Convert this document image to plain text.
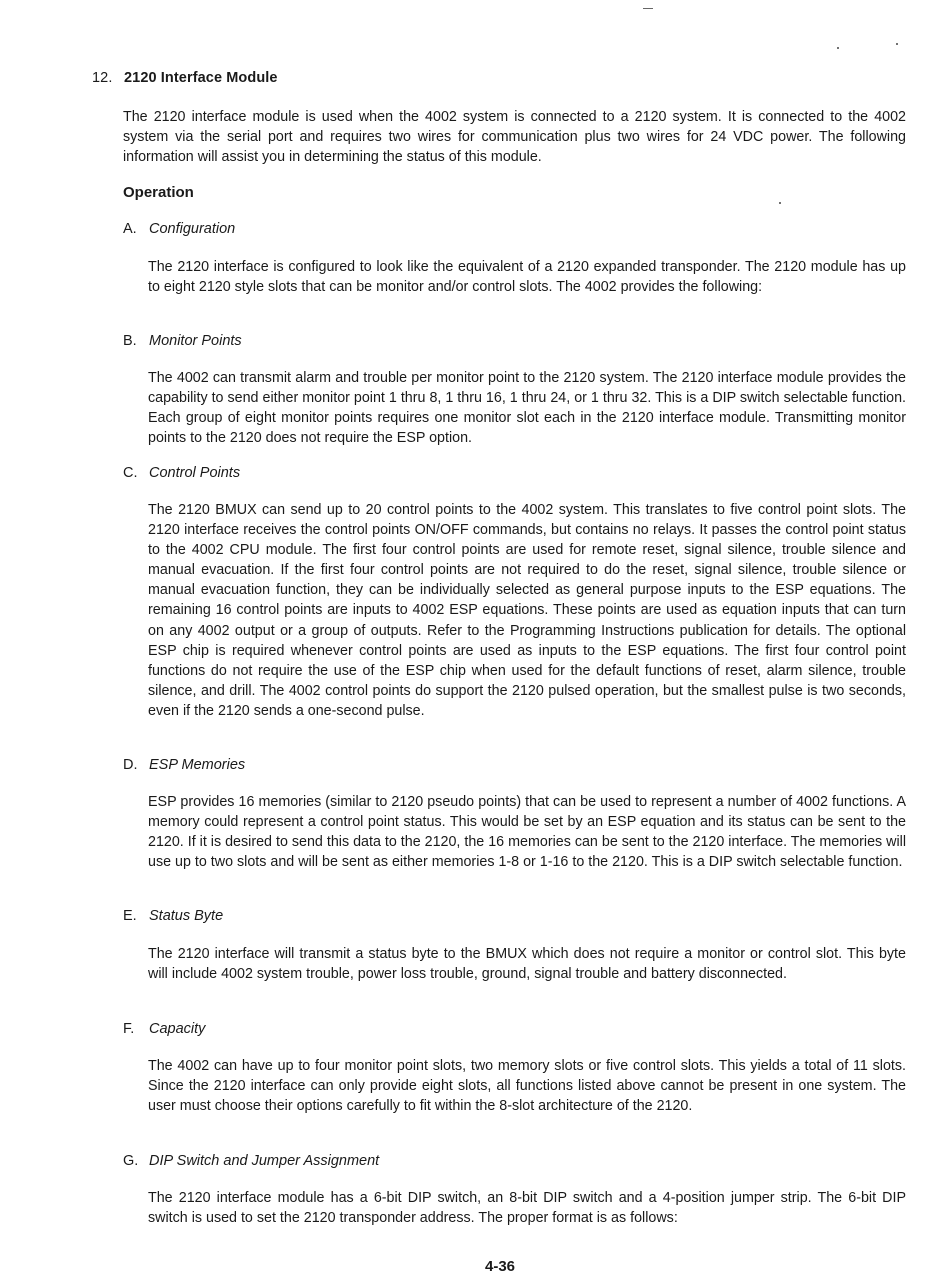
12. 2120 Interface Module

The 2120 interface module is used when the 4002 system is connected to a 2120 system. It is connected to the 4002 system via the serial port and requires two wires for communication plus two wires for 24 VDC power. The following information will assist you in determining the status of this module.

Operation
A. Configuration

The 2120 interface is configured to look like the equivalent of a 2120 expanded transponder. The 2120 module has up to eight 2120 style slots that can be monitor and/or control slots. The 4002 provides the following:

B. Monitor Points

The 4002 can transmit alarm and trouble per monitor point to the 2120 system. The 2120 interface module provides the capability to send either monitor point 1 thru 8, 1 thru 16, 1 thru 24, or 1 thru 32. This is a DIP switch selectable function. Each group of eight monitor points requires one monitor slot each in the 2120 interface module. Transmitting monitor points to the 2120 does not require the ESP option.

C. Control Points

The 2120 BMUX can send up to 20 control points to the 4002 system. This translates to five control point slots. The 2120 interface receives the control points ON/OFF commands, but contains no relays. It passes the control point status to the 4002 CPU module. The first four control points are used for remote reset, signal silence, trouble silence and manual evacuation. If the first four control points are not required to do the reset, signal silence, trouble silence or manual evacuation function, they can be individually selected as general purpose inputs to the ESP equations. The remaining 16 control points are inputs to 4002 ESP equations. These points are used as equation inputs that can turn on any 4002 output or a group of outputs. Refer to the Programming Instructions publication for details. The optional ESP chip is required whenever control points are used as inputs to the ESP equations. The first four control point functions do not require the use of the ESP chip when used for the default functions of reset, alarm silence, trouble silence, and drill. The 4002 control points do support the 2120 pulsed operation, but the smallest pulse is two seconds, even if the 2120 sends a one-second pulse.

D. ESP Memories

ESP provides 16 memories (similar to 2120 pseudo points) that can be used to represent a number of 4002 functions. A memory could represent a control point status. This would be set by an ESP equation and its status can be sent to the 2120. If it is desired to send this data to the 2120, the 16 memories can be sent to the 2120 interface. The memories will use up to two slots and will be sent as either memories 1-8 or 1-16 to the 2120. This is a DIP switch selectable function.

E. Status Byte

The 2120 interface will transmit a status byte to the BMUX which does not require a monitor or control slot. This byte will include 4002 system trouble, power loss trouble, ground, signal trouble and battery disconnected.

F. Capacity

The 4002 can have up to four monitor point slots, two memory slots or five control slots. This yields a total of 11 slots. Since the 2120 interface can only provide eight slots, all functions listed above cannot be present in one system. The user must choose their options carefully to fit within the 8-slot architecture of the 2120.

G. DIP Switch and Jumper Assignment

The 2120 interface module has a 6-bit DIP switch, an 8-bit DIP switch and a 4-position jumper strip. The 6-bit DIP switch is used to set the 2120 transponder address. The proper format is as follows:

4-36
